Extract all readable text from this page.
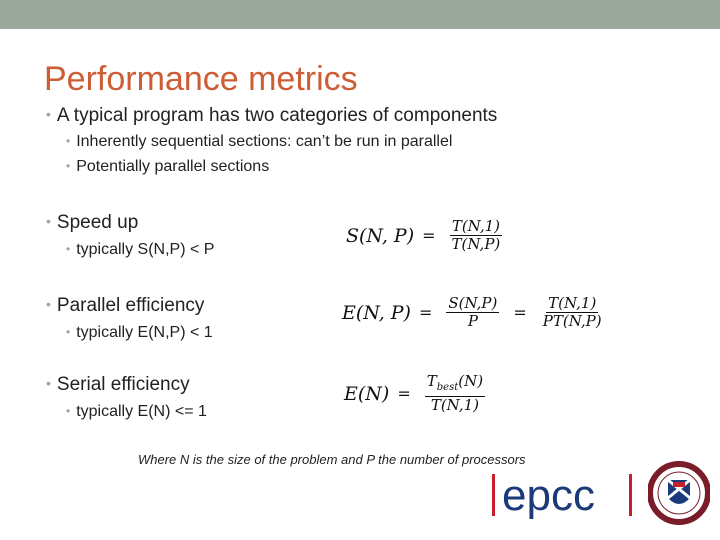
Performance metrics
• A typical program has two categories of components
• Inherently sequential sections: can’t be run in parallel
• Potentially parallel sections
• Speed up
• typically S(N,P) < P
• Parallel efficiency
• typically E(N,P) < 1
• Serial efficiency
• typically E(N) <= 1
S(N, $P) = \frac{T(N,1)}{T(N,P)}$
E(N, $P) = \frac{S(N,P)}{P} = \frac{T(N,1)}{PT(N,P)}$
$E(N) = \frac{T_{best}(N)}{T(N,1)}$
Where N is the size of the problem and P the number of processors
epcc
